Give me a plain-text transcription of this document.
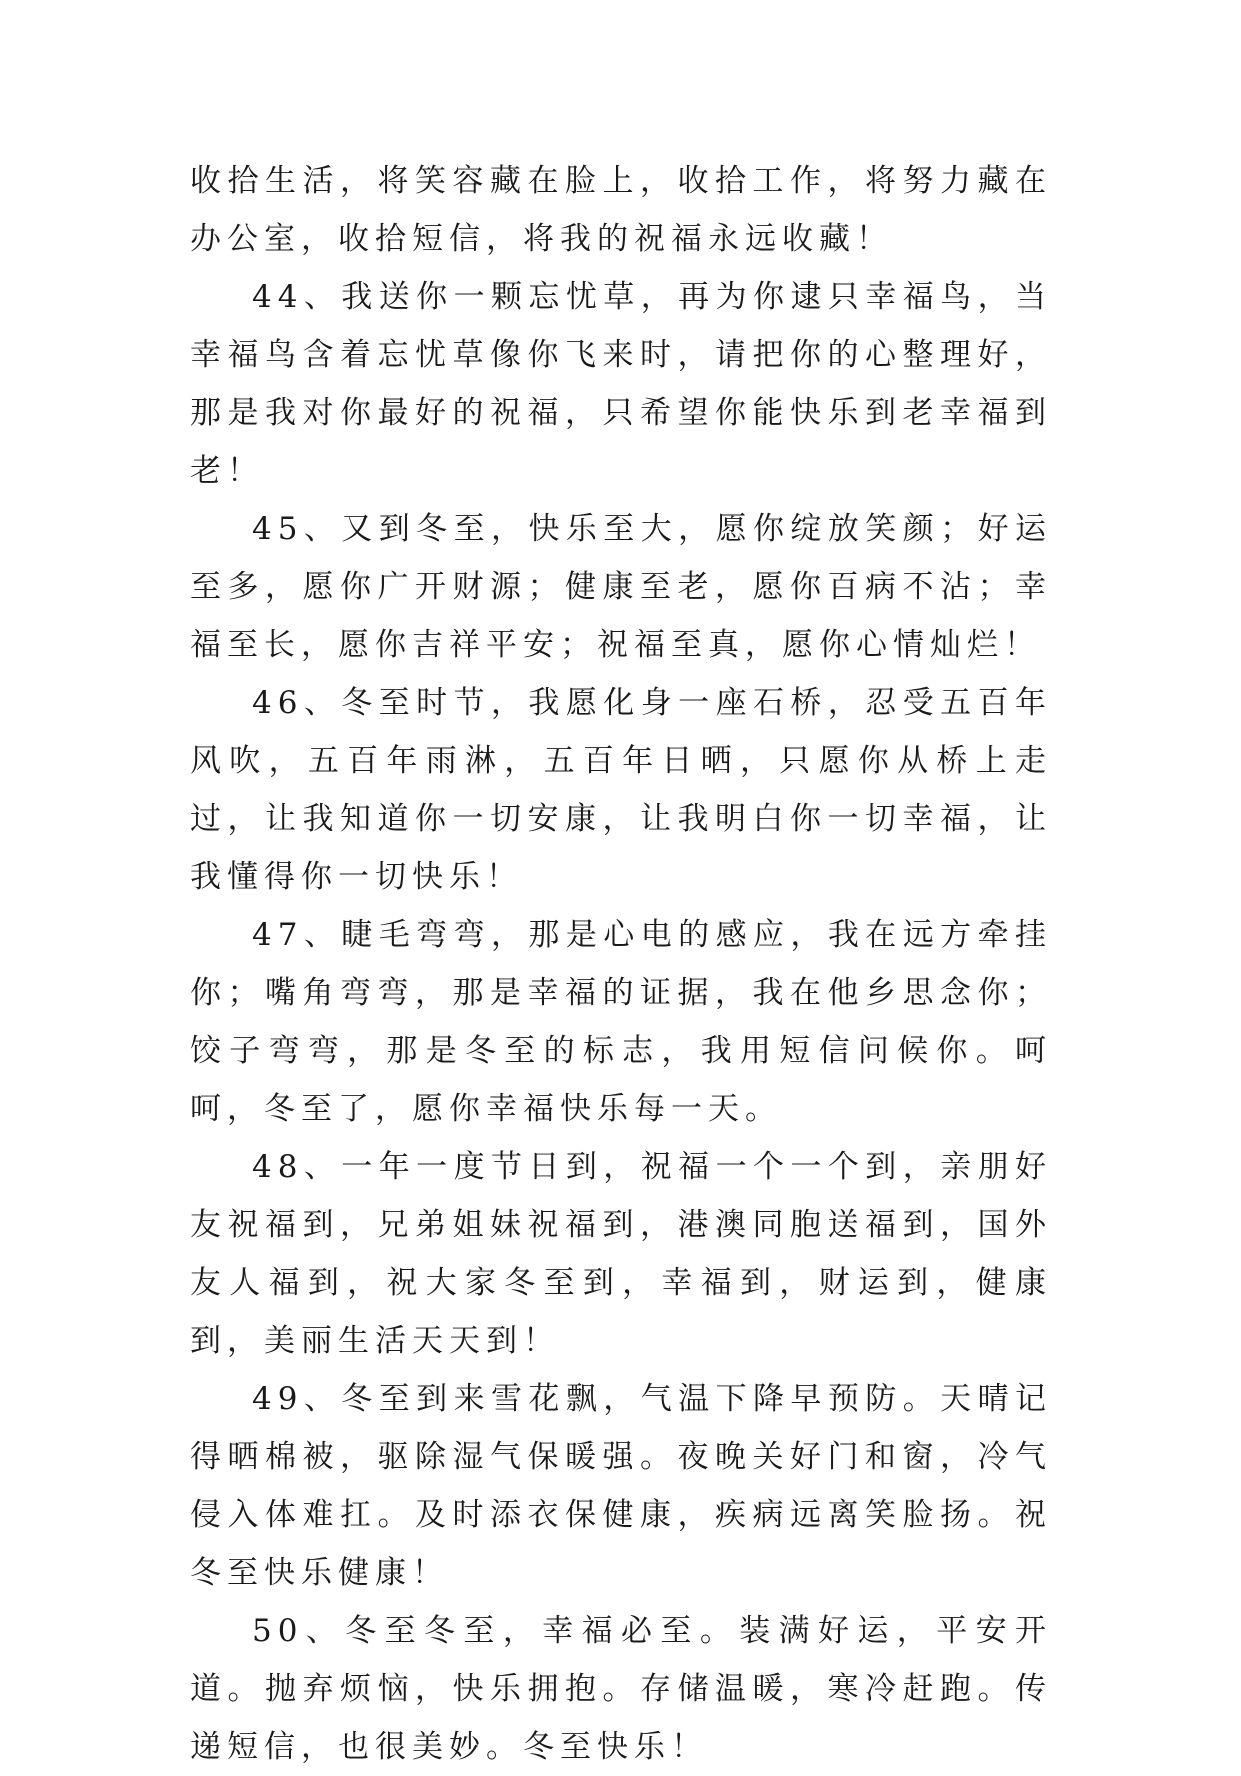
收拾生活，将笑容藏在脸上，收拾工作，将努力藏在办公室，收拾短信，将我的祝福永远收藏！

44、我送你一颗忘忧草，再为你逮只幸福鸟，当幸福鸟含着忘忧草像你飞来时，请把你的心整理好，那是我对你最好的祝福，只希望你能快乐到老幸福到老！

45、又到冬至，快乐至大，愿你绽放笑颜；好运至多，愿你广开财源；健康至老，愿你百病不沾；幸福至长，愿你吉祥平安；祝福至真，愿你心情灿烂！

46、冬至时节，我愿化身一座石桥，忍受五百年风吹，五百年雨淋，五百年日晒，只愿你从桥上走过，让我知道你一切安康，让我明白你一切幸福，让我懂得你一切快乐！

47、睫毛弯弯，那是心电的感应，我在远方牵挂你；嘴角弯弯，那是幸福的证据，我在他乡思念你；饺子弯弯，那是冬至的标志，我用短信问候你。呵呵，冬至了，愿你幸福快乐每一天。

48、一年一度节日到，祝福一个一个到，亲朋好友祝福到，兄弟姐妹祝福到，港澳同胞送福到，国外友人福到，祝大家冬至到，幸福到，财运到，健康到，美丽生活天天到！

49、冬至到来雪花飘，气温下降早预防。天晴记得晒棉被，驱除湿气保暖强。夜晚关好门和窗，冷气侵入体难扛。及时添衣保健康，疾病远离笑脸扬。祝冬至快乐健康！

50、冬至冬至，幸福必至。装满好运，平安开道。抛弃烦恼，快乐拥抱。存储温暖，寒冷赶跑。传递短信，也很美妙。冬至快乐！
